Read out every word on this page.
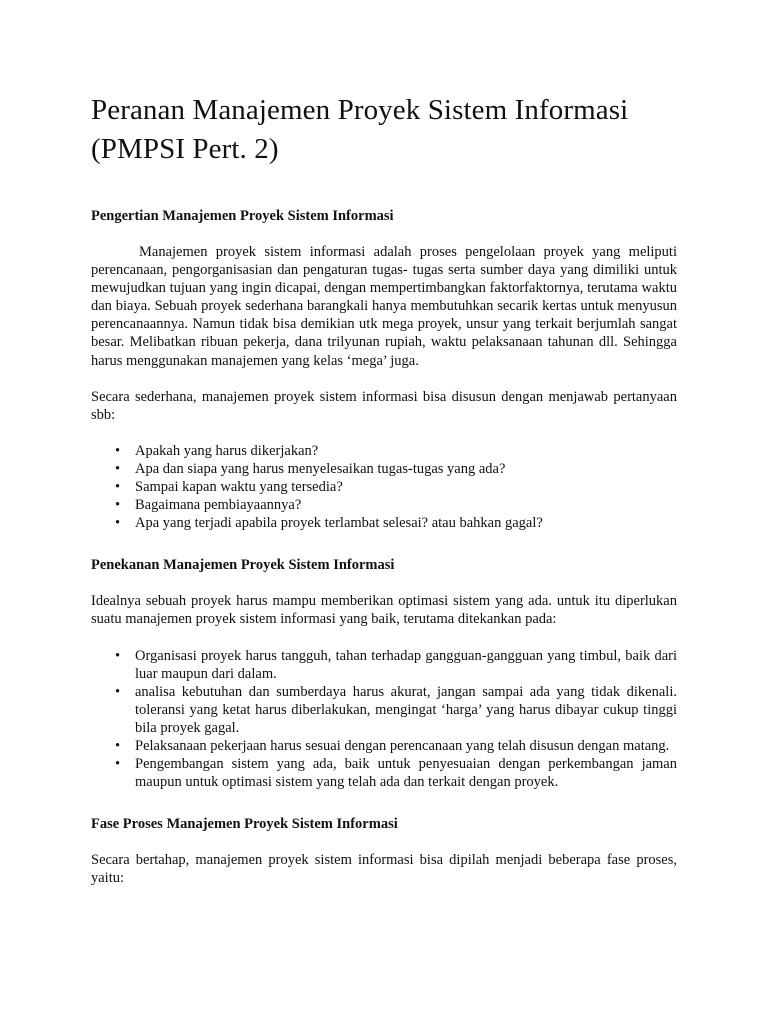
Peranan Manajemen Proyek Sistem Informasi (PMPSI Pert. 2)
Pengertian Manajemen Proyek Sistem Informasi

Manajemen proyek sistem informasi adalah proses pengelolaan proyek yang meliputi perencanaan, pengorganisasian dan pengaturan tugas- tugas serta sumber daya yang dimiliki untuk mewujudkan tujuan yang ingin dicapai, dengan mempertimbangkan faktorfaktornya, terutama waktu dan biaya. Sebuah proyek sederhana barangkali hanya membutuhkan secarik kertas untuk menyusun perencanaannya. Namun tidak bisa demikian utk mega proyek, unsur yang terkait berjumlah sangat besar. Melibatkan ribuan pekerja, dana trilyunan rupiah, waktu pelaksanaan tahunan dll. Sehingga harus menggunakan manajemen yang kelas ‘mega’ juga.

Secara sederhana, manajemen proyek sistem informasi bisa disusun dengan menjawab pertanyaan sbb:

• Apakah yang harus dikerjakan?
• Apa dan siapa yang harus menyelesaikan tugas-tugas yang ada?
• Sampai kapan waktu yang tersedia?
• Bagaimana pembiayaannya?
• Apa yang terjadi apabila proyek terlambat selesai? atau bahkan gagal?
Penekanan Manajemen Proyek Sistem Informasi

Idealnya sebuah proyek harus mampu memberikan optimasi sistem yang ada. untuk itu diperlukan suatu manajemen proyek sistem informasi yang baik, terutama ditekankan pada:

• Organisasi proyek harus tangguh, tahan terhadap gangguan-gangguan yang timbul, baik dari luar maupun dari dalam.
• analisa kebutuhan dan sumberdaya harus akurat, jangan sampai ada yang tidak dikenali. toleransi yang ketat harus diberlakukan, mengingat ‘harga’ yang harus dibayar cukup tinggi bila proyek gagal.
• Pelaksanaan pekerjaan harus sesuai dengan perencanaan yang telah disusun dengan matang.
• Pengembangan sistem yang ada, baik untuk penyesuaian dengan perkembangan jaman maupun untuk optimasi sistem yang telah ada dan terkait dengan proyek.
Fase Proses Manajemen Proyek Sistem Informasi

Secara bertahap, manajemen proyek sistem informasi bisa dipilah menjadi beberapa fase proses, yaitu:
